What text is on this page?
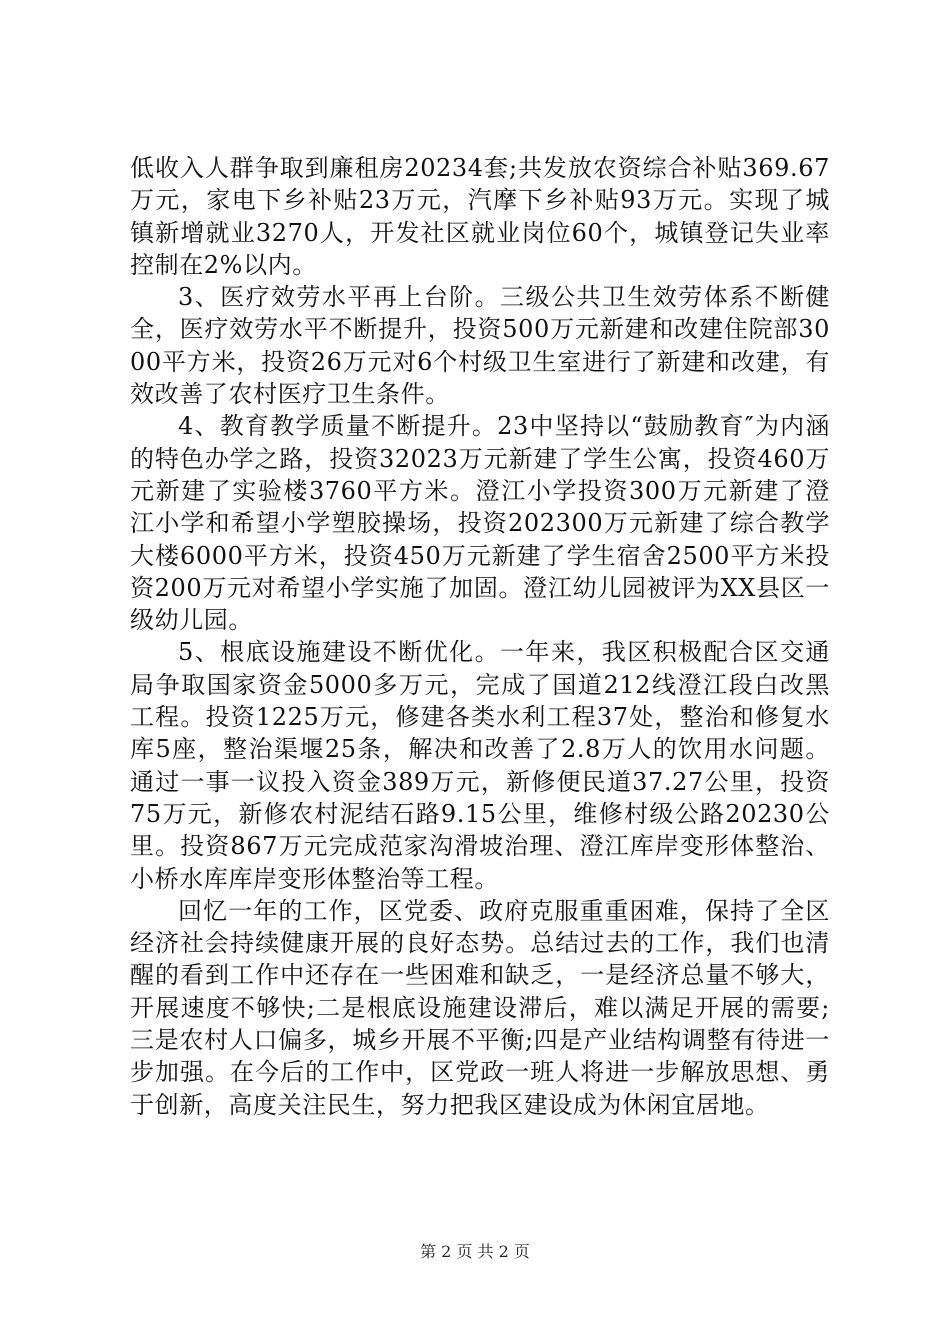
低收入人群争取到廉租房20234套;共发放农资综合补贴369.67万元，家电下乡补贴23万元，汽摩下乡补贴93万元。实现了城镇新增就业3270人，开发社区就业岗位60个，城镇登记失业率控制在2%以内。

3、医疗效劳水平再上台阶。三级公共卫生效劳体系不断健全，医疗效劳水平不断提升，投资500万元新建和改建住院部3000平方米，投资26万元对6个村级卫生室进行了新建和改建，有效改善了农村医疗卫生条件。

4、教育教学质量不断提升。23中坚持以“鼓励教育″为内涵的特色办学之路，投资32023万元新建了学生公寓，投资460万元新建了实验楼3760平方米。澄江小学投资300万元新建了澄江小学和希望小学塑胶操场，投资202300万元新建了综合教学大楼6000平方米，投资450万元新建了学生宿舍2500平方米投资200万元对希望小学实施了加固。澄江幼儿园被评为XX县区一级幼儿园。

5、根底设施建设不断优化。一年来，我区积极配合区交通局争取国家资金5000多万元，完成了国道212线澄江段白改黑工程。投资1225万元，修建各类水利工程37处，整治和修复水库5座，整治渠堰25条，解决和改善了2.8万人的饮用水问题。通过一事一议投入资金389万元，新修便民道37.27公里，投资75万元，新修农村泥结石路9.15公里，维修村级公路20230公里。投资867万元完成范家沟滑坡治理、澄江库岸变形体整治、小桥水库库岸变形体整治等工程。

回忆一年的工作，区党委、政府克服重重困难，保持了全区经济社会持续健康开展的良好态势。总结过去的工作，我们也清醒的看到工作中还存在一些困难和缺乏，一是经济总量不够大，开展速度不够快;二是根底设施建设滞后，难以满足开展的需要;三是农村人口偏多，城乡开展不平衡;四是产业结构调整有待进一步加强。在今后的工作中，区党政一班人将进一步解放思想、勇于创新，高度关注民生，努力把我区建设成为休闲宜居地。

第 2 页 共 2 页
